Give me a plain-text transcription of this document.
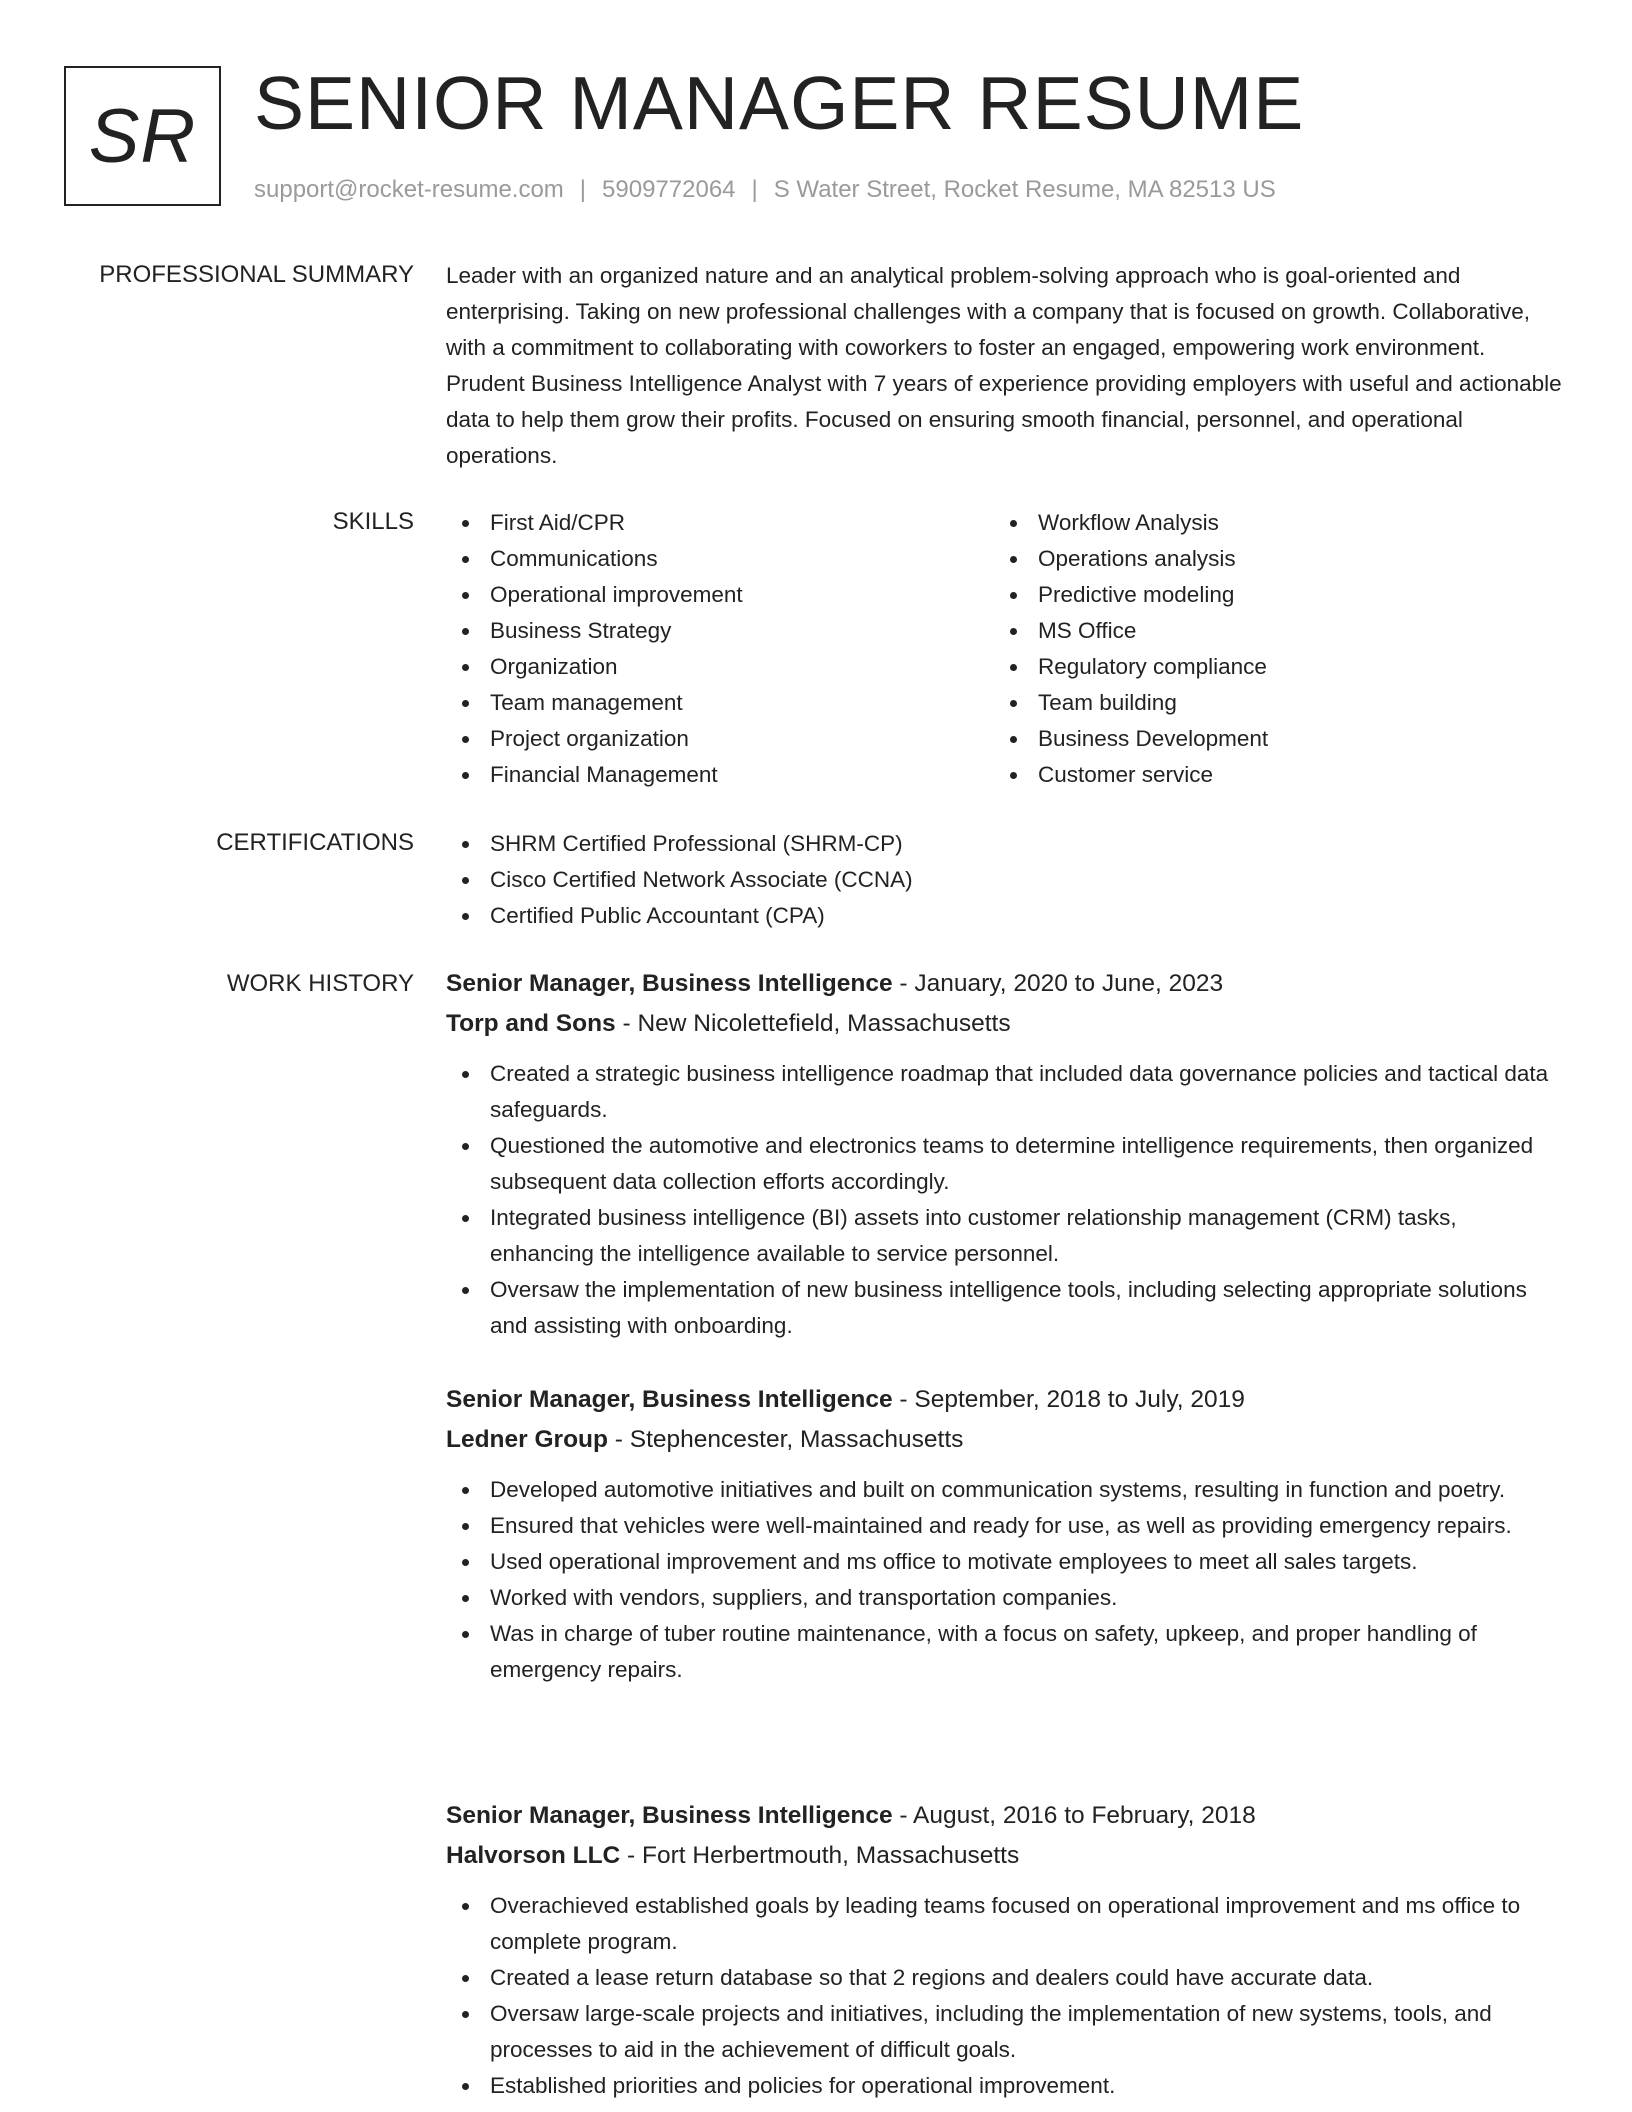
SR SENIOR MANAGER RESUME
support@rocket-resume.com | 5909772064 | S Water Street, Rocket Resume, MA 82513 US
PROFESSIONAL SUMMARY Leader with an organized nature and an analytical problem-solving approach who is goal-oriented and enterprising. Taking on new professional challenges with a company that is focused on growth. Collaborative, with a commitment to collaborating with coworkers to foster an engaged, empowering work environment. Prudent Business Intelligence Analyst with 7 years of experience providing employers with useful and actionable data to help them grow their profits. Focused on ensuring smooth financial, personnel, and operational operations.

SKILLS	First Aid/CPR
Communications
Operational improvement
Business Strategy
Organization
Team management
Project organization
Financial Management
Workflow Analysis
Operations analysis
Predictive modeling
MS Office
Regulatory compliance
Team building
Business Development
Customer service
CERTIFICATIONS	SHRM Certified Professional (SHRM-CP)
Cisco Certified Network Associate (CCNA)
Certified Public Accountant (CPA)
WORK HISTORY Senior Manager, Business Intelligence - January, 2020 to June, 2023
Torp and Sons - New Nicolettefield, Massachusetts
Created a strategic business intelligence roadmap that included data governance policies and tactical data safeguards.
Questioned the automotive and electronics teams to determine intelligence requirements, then organized subsequent data collection efforts accordingly.
Integrated business intelligence (BI) assets into customer relationship management (CRM) tasks, enhancing the intelligence available to service personnel.
Oversaw the implementation of new business intelligence tools, including selecting appropriate solutions and assisting with onboarding.
Senior Manager, Business Intelligence - September, 2018 to July, 2019
Ledner Group - Stephencester, Massachusetts
Developed automotive initiatives and built on communication systems, resulting in function and poetry.
Ensured that vehicles were well-maintained and ready for use, as well as providing emergency repairs.
Used operational improvement and ms office to motivate employees to meet all sales targets.
Worked with vendors, suppliers, and transportation companies.
Was in charge of tuber routine maintenance, with a focus on safety, upkeep, and proper handling of emergency repairs.
Senior Manager, Business Intelligence - August, 2016 to February, 2018
Halvorson LLC - Fort Herbertmouth, Massachusetts
Overachieved established goals by leading teams focused on operational improvement and ms office to complete program.
Created a lease return database so that 2 regions and dealers could have accurate data.
Oversaw large-scale projects and initiatives, including the implementation of new systems, tools, and processes to aid in the achievement of difficult goals.
Established priorities and policies for operational improvement.
